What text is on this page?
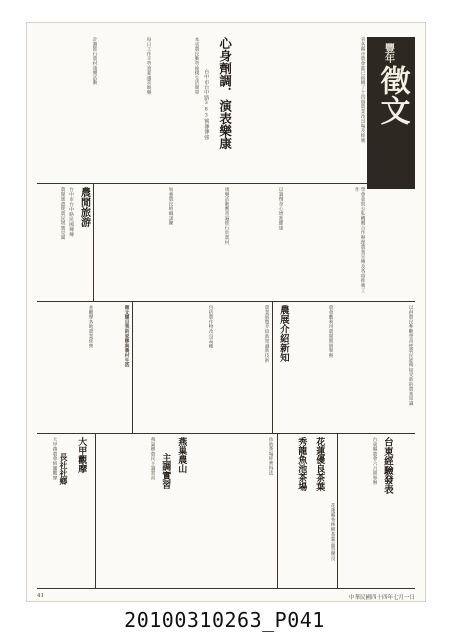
豐年
徵文
省各縣市農會都已組織了十四個農業改良場及推廣
心身劑調．演表樂康
台中市台中路383號傳傳強
本省農民勤勞儉樸生活簡單
每日工作辛勞須要適當娛樂
計劃推行農村康樂活動
學會並與公私機關合作辦理農業宣傳及各項推廣工作
以調劑身心增進健康
康樂活動應普遍推行於農村
加強農民組織訓練
農閒旅游
台中市台中路民國傳傳
農閒旅遊使農民增廣見聞
以供農民參觀學習使農民能夠接受新的農業知識
農會應利用農閒期間舉辦
農展介紹新知
農業展覽介紹新知識新技術
包括農作物改良品種
徵文題目我的家鄉與農村生活
並觀摩各地農業經營
台東經驗發表
台東縣農會六月間舉辦
花蓮優良茶葉
秀龍魚池茶場
花蓮縣秀林鄉茶葉品質優良
魚池茶場經營得法
燕巢農山
主調實習
燕巢鄉農民主調實習
大甲觀摩
長社社鄉
大甲鎮農會組團觀摩
41	中華民國四十四年七月一日
20100310263_P041
